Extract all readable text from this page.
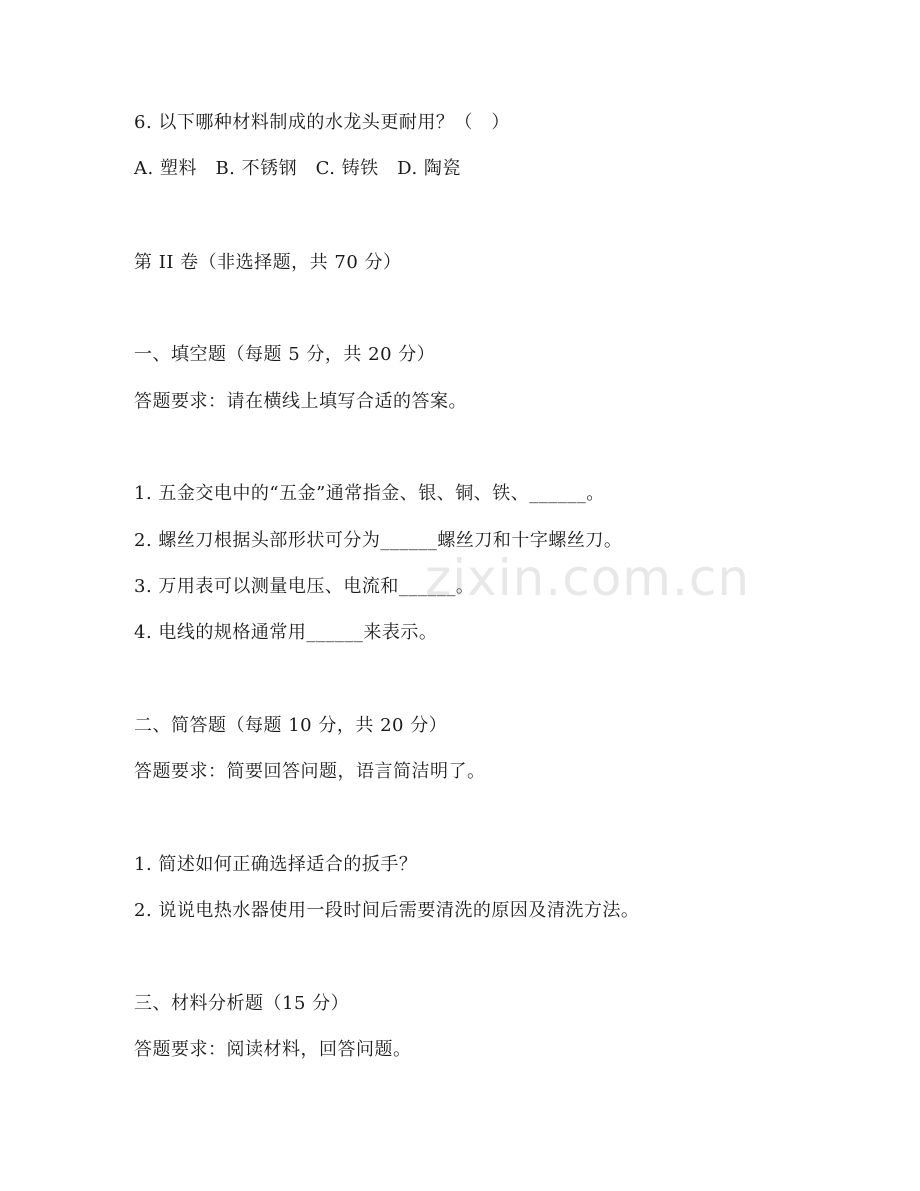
6. 以下哪种材料制成的水龙头更耐用？（　）
A. 塑料　B. 不锈钢　C. 铸铁　D. 陶瓷
第 II 卷（非选择题，共 70 分）
一、填空题（每题 5 分，共 20 分）
答题要求：请在横线上填写合适的答案。
1. 五金交电中的“五金”通常指金、银、铜、铁、______。
2. 螺丝刀根据头部形状可分为______螺丝刀和十字螺丝刀。
3. 万用表可以测量电压、电流和______。
4. 电线的规格通常用______来表示。
二、简答题（每题 10 分，共 20 分）
答题要求：简要回答问题，语言简洁明了。
1. 简述如何正确选择适合的扳手？
2. 说说电热水器使用一段时间后需要清洗的原因及清洗方法。
三、材料分析题（15 分）
答题要求：阅读材料，回答问题。
zixin.com.cn
